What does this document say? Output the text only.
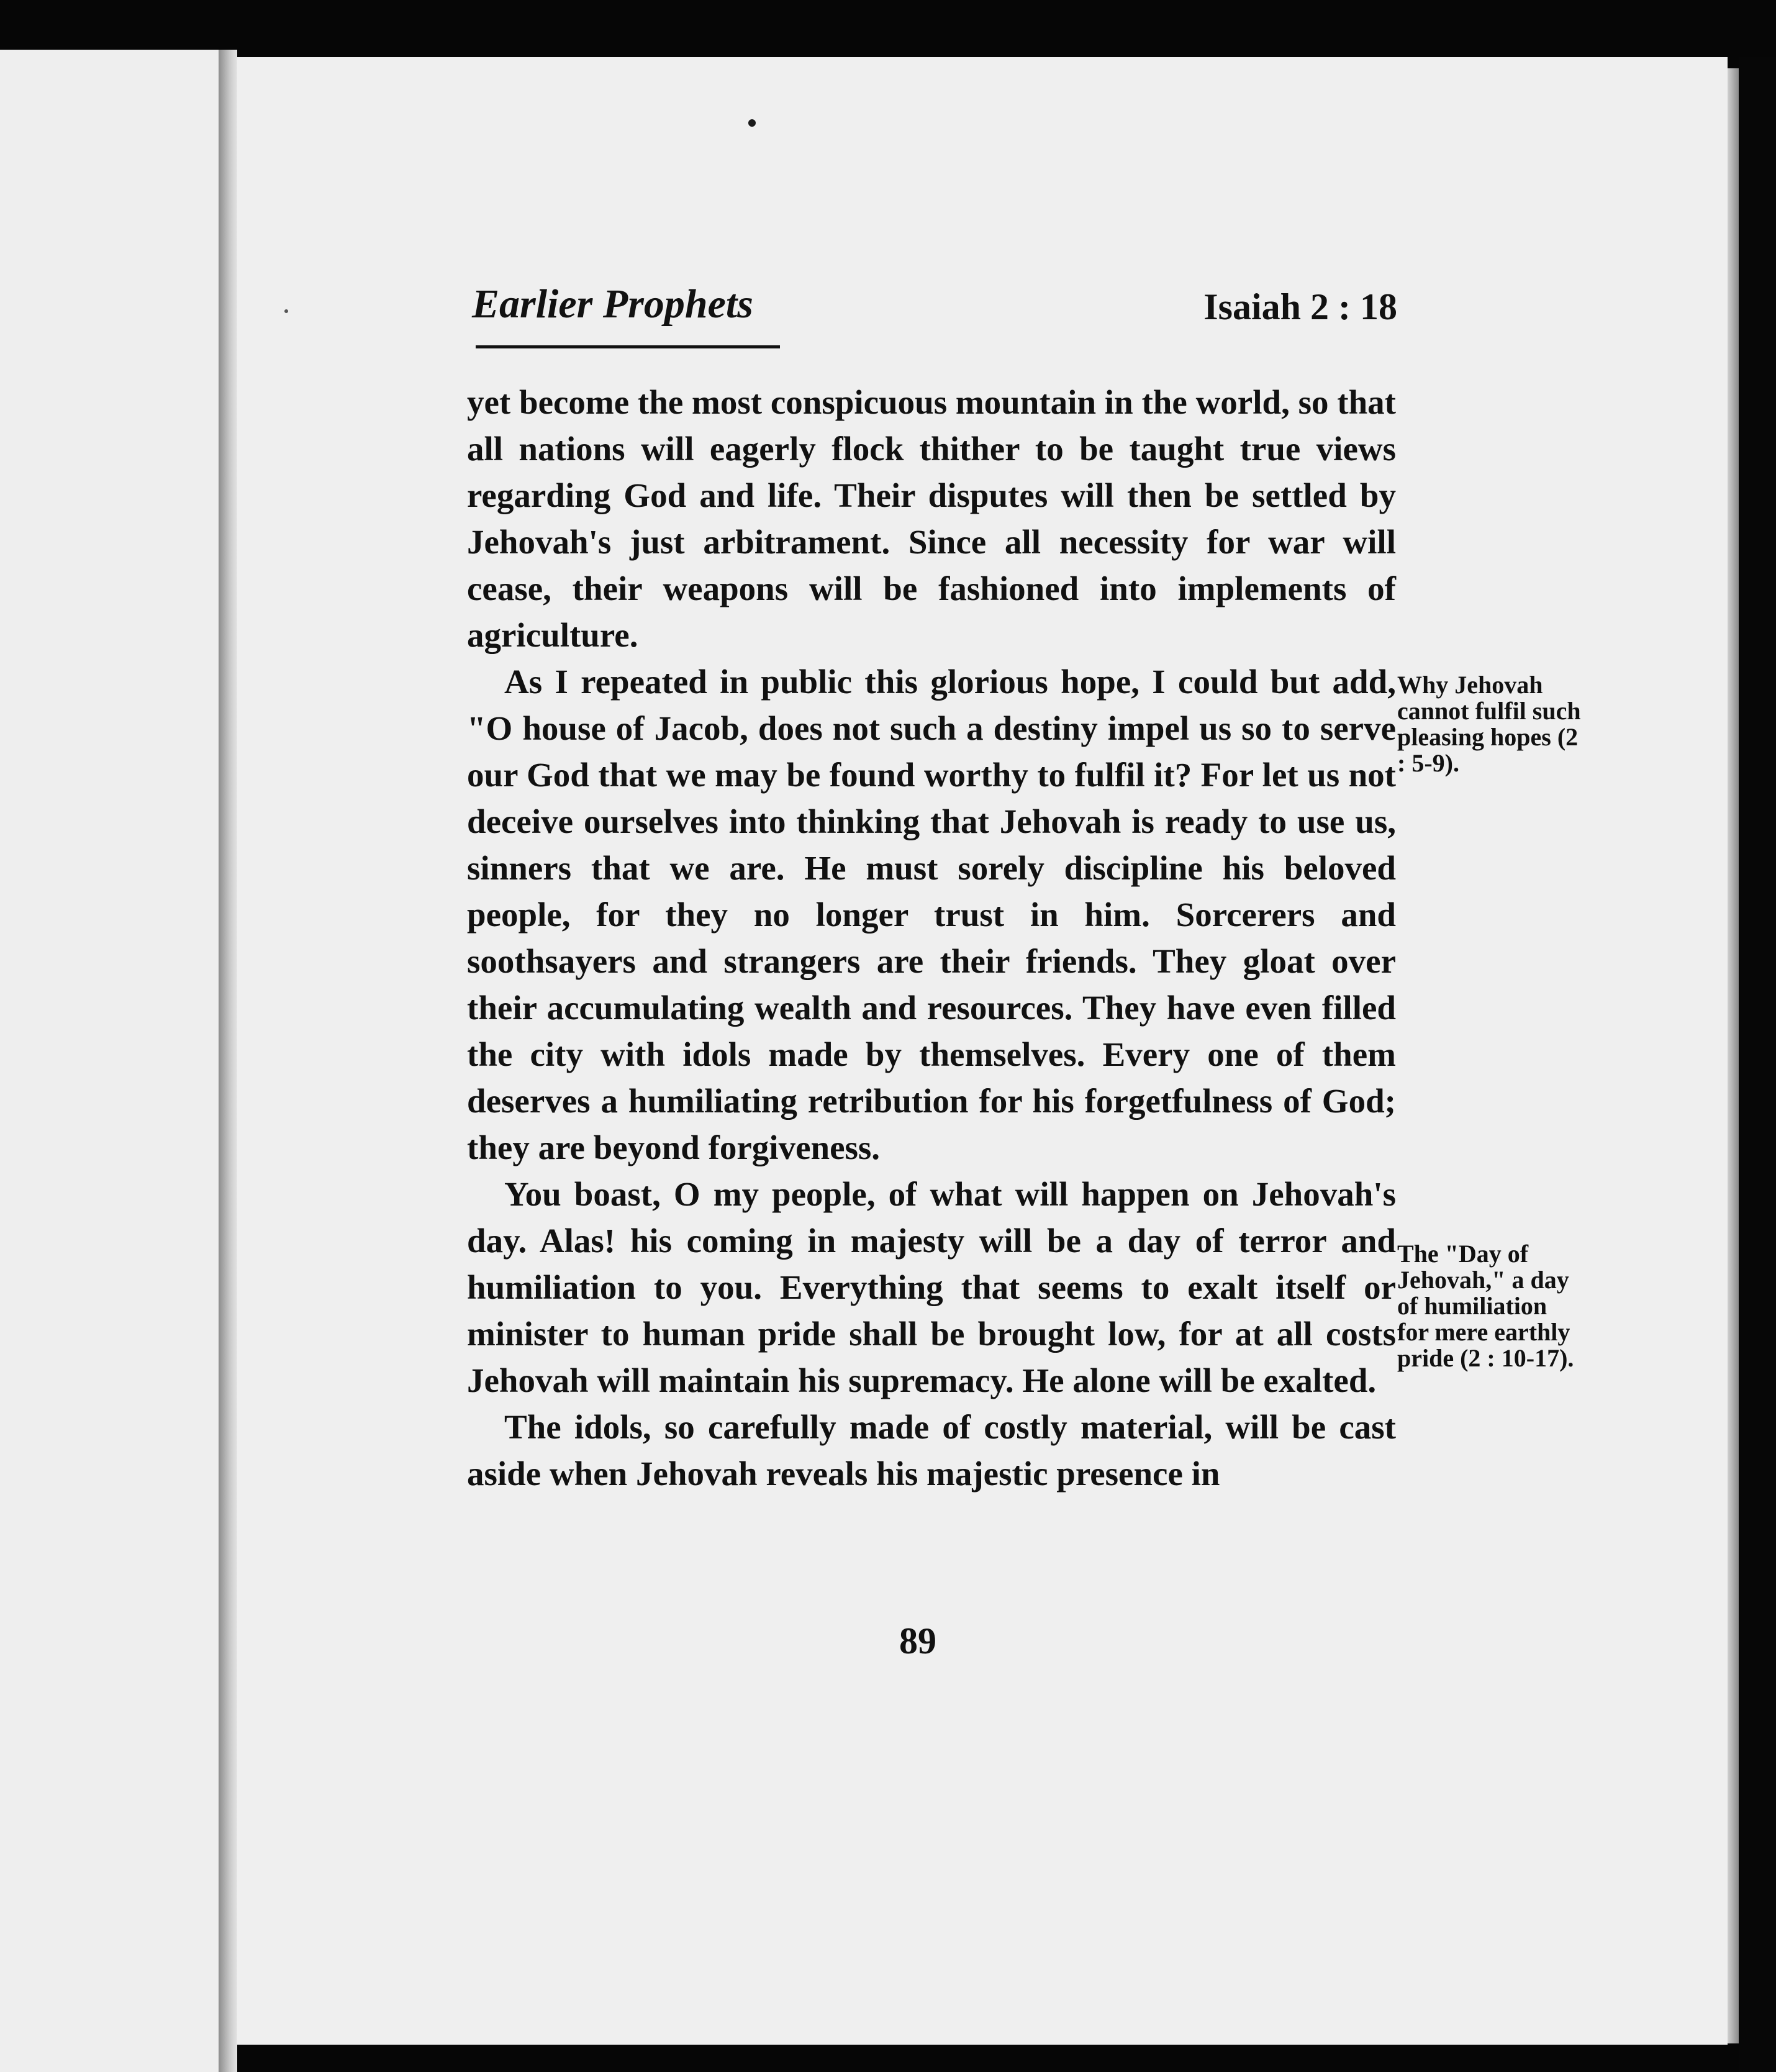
Earlier Prophets	Isaiah 2 : 18

yet become the most conspicuous mountain in the world, so that all nations will eagerly flock thither to be taught true views regarding God and life. Their disputes will then be settled by Jehovah's just arbitrament. Since all necessity for war will cease, their weapons will be fashioned into implements of agriculture.

As I repeated in public this glorious hope, I could but add, "O house of Jacob, does not such a destiny impel us so to serve our God that we may be found worthy to fulfil it? For let us not deceive ourselves into thinking that Jehovah is ready to use us, sinners that we are. He must sorely discipline his beloved people, for they no longer trust in him. Sorcerers and soothsayers and strangers are their friends. They gloat over their accumulating wealth and resources. They have even filled the city with idols made by themselves. Every one of them deserves a humiliating retribution for his forgetfulness of God; they are beyond forgiveness.

You boast, O my people, of what will happen on Jehovah's day. Alas! his coming in majesty will be a day of terror and humiliation to you. Everything that seems to exalt itself or minister to human pride shall be brought low, for at all costs Jehovah will maintain his supremacy. He alone will be exalted.

The idols, so carefully made of costly material, will be cast aside when Jehovah reveals his majestic presence in

Why Jehovah cannot fulfil such pleasing hopes (2 : 5-9).
The "Day of Jehovah," a day of humiliation for mere earthly pride (2 : 10-17).
89
